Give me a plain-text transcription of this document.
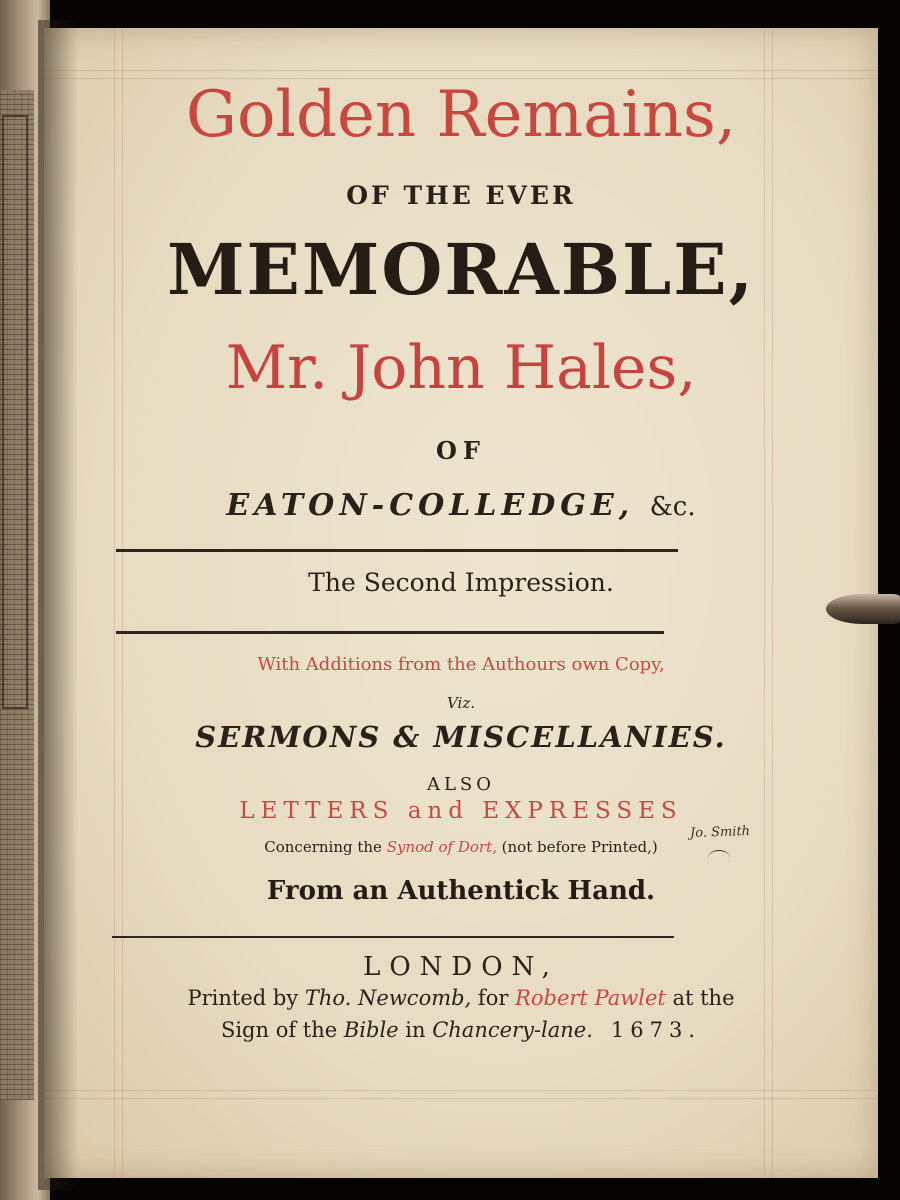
Golden Remains,
OF THE EVER
MEMORABLE,
Mr. John Hales,
OF
EATON-COLLEDGE, &c.
The Second Impression.
With Additions from the Authours own Copy,
Viz.
SERMONS & MISCELLANIES.
ALSO
LETTERS and EXPRESSES
Concerning the Synod of Dort, (not before Printed,)
From an Authentick Hand.
LONDON,
Printed by Tho. Newcomb, for Robert Pawlet at the
Sign of the Bible in Chancery-lane. 1673.
Jo. Smith
